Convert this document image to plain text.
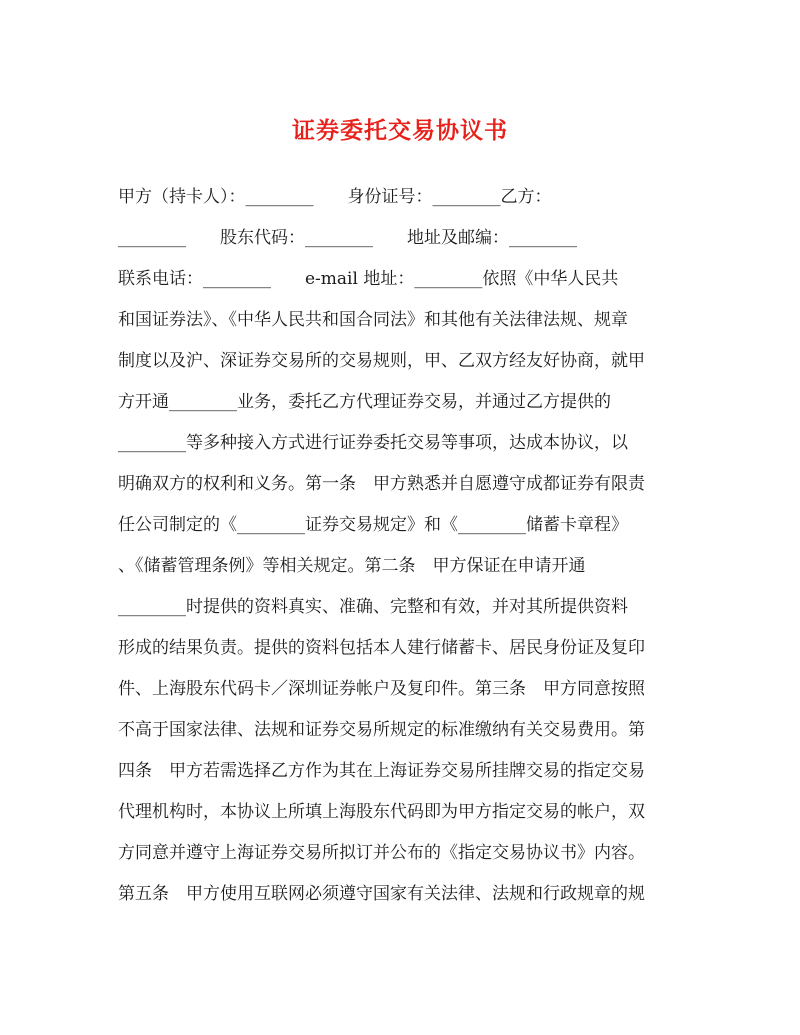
证券委托交易协议书
甲方（持卡人）：________　　身份证号：________乙方：
________　　股东代码：________　　地址及邮编：________
联系电话：________　　e-mail 地址：________依照《中华人民共
和国证券法》、《中华人民共和国合同法》和其他有关法律法规、规章
制度以及沪、深证券交易所的交易规则，甲、乙双方经友好协商，就甲
方开通________业务，委托乙方代理证券交易，并通过乙方提供的
________等多种接入方式进行证券委托交易等事项，达成本协议，以
明确双方的权利和义务。第一条　甲方熟悉并自愿遵守成都证券有限责
任公司制定的《________证券交易规定》和《________储蓄卡章程》
、《储蓄管理条例》等相关规定。第二条　甲方保证在申请开通
________时提供的资料真实、准确、完整和有效，并对其所提供资料
形成的结果负责。提供的资料包括本人建行储蓄卡、居民身份证及复印
件、上海股东代码卡／深圳证券帐户及复印件。第三条　甲方同意按照
不高于国家法律、法规和证券交易所规定的标准缴纳有关交易费用。第
四条　甲方若需选择乙方作为其在上海证券交易所挂牌交易的指定交易
代理机构时，本协议上所填上海股东代码即为甲方指定交易的帐户，双
方同意并遵守上海证券交易所拟订并公布的《指定交易协议书》内容。
第五条　甲方使用互联网必须遵守国家有关法律、法规和行政规章的规
